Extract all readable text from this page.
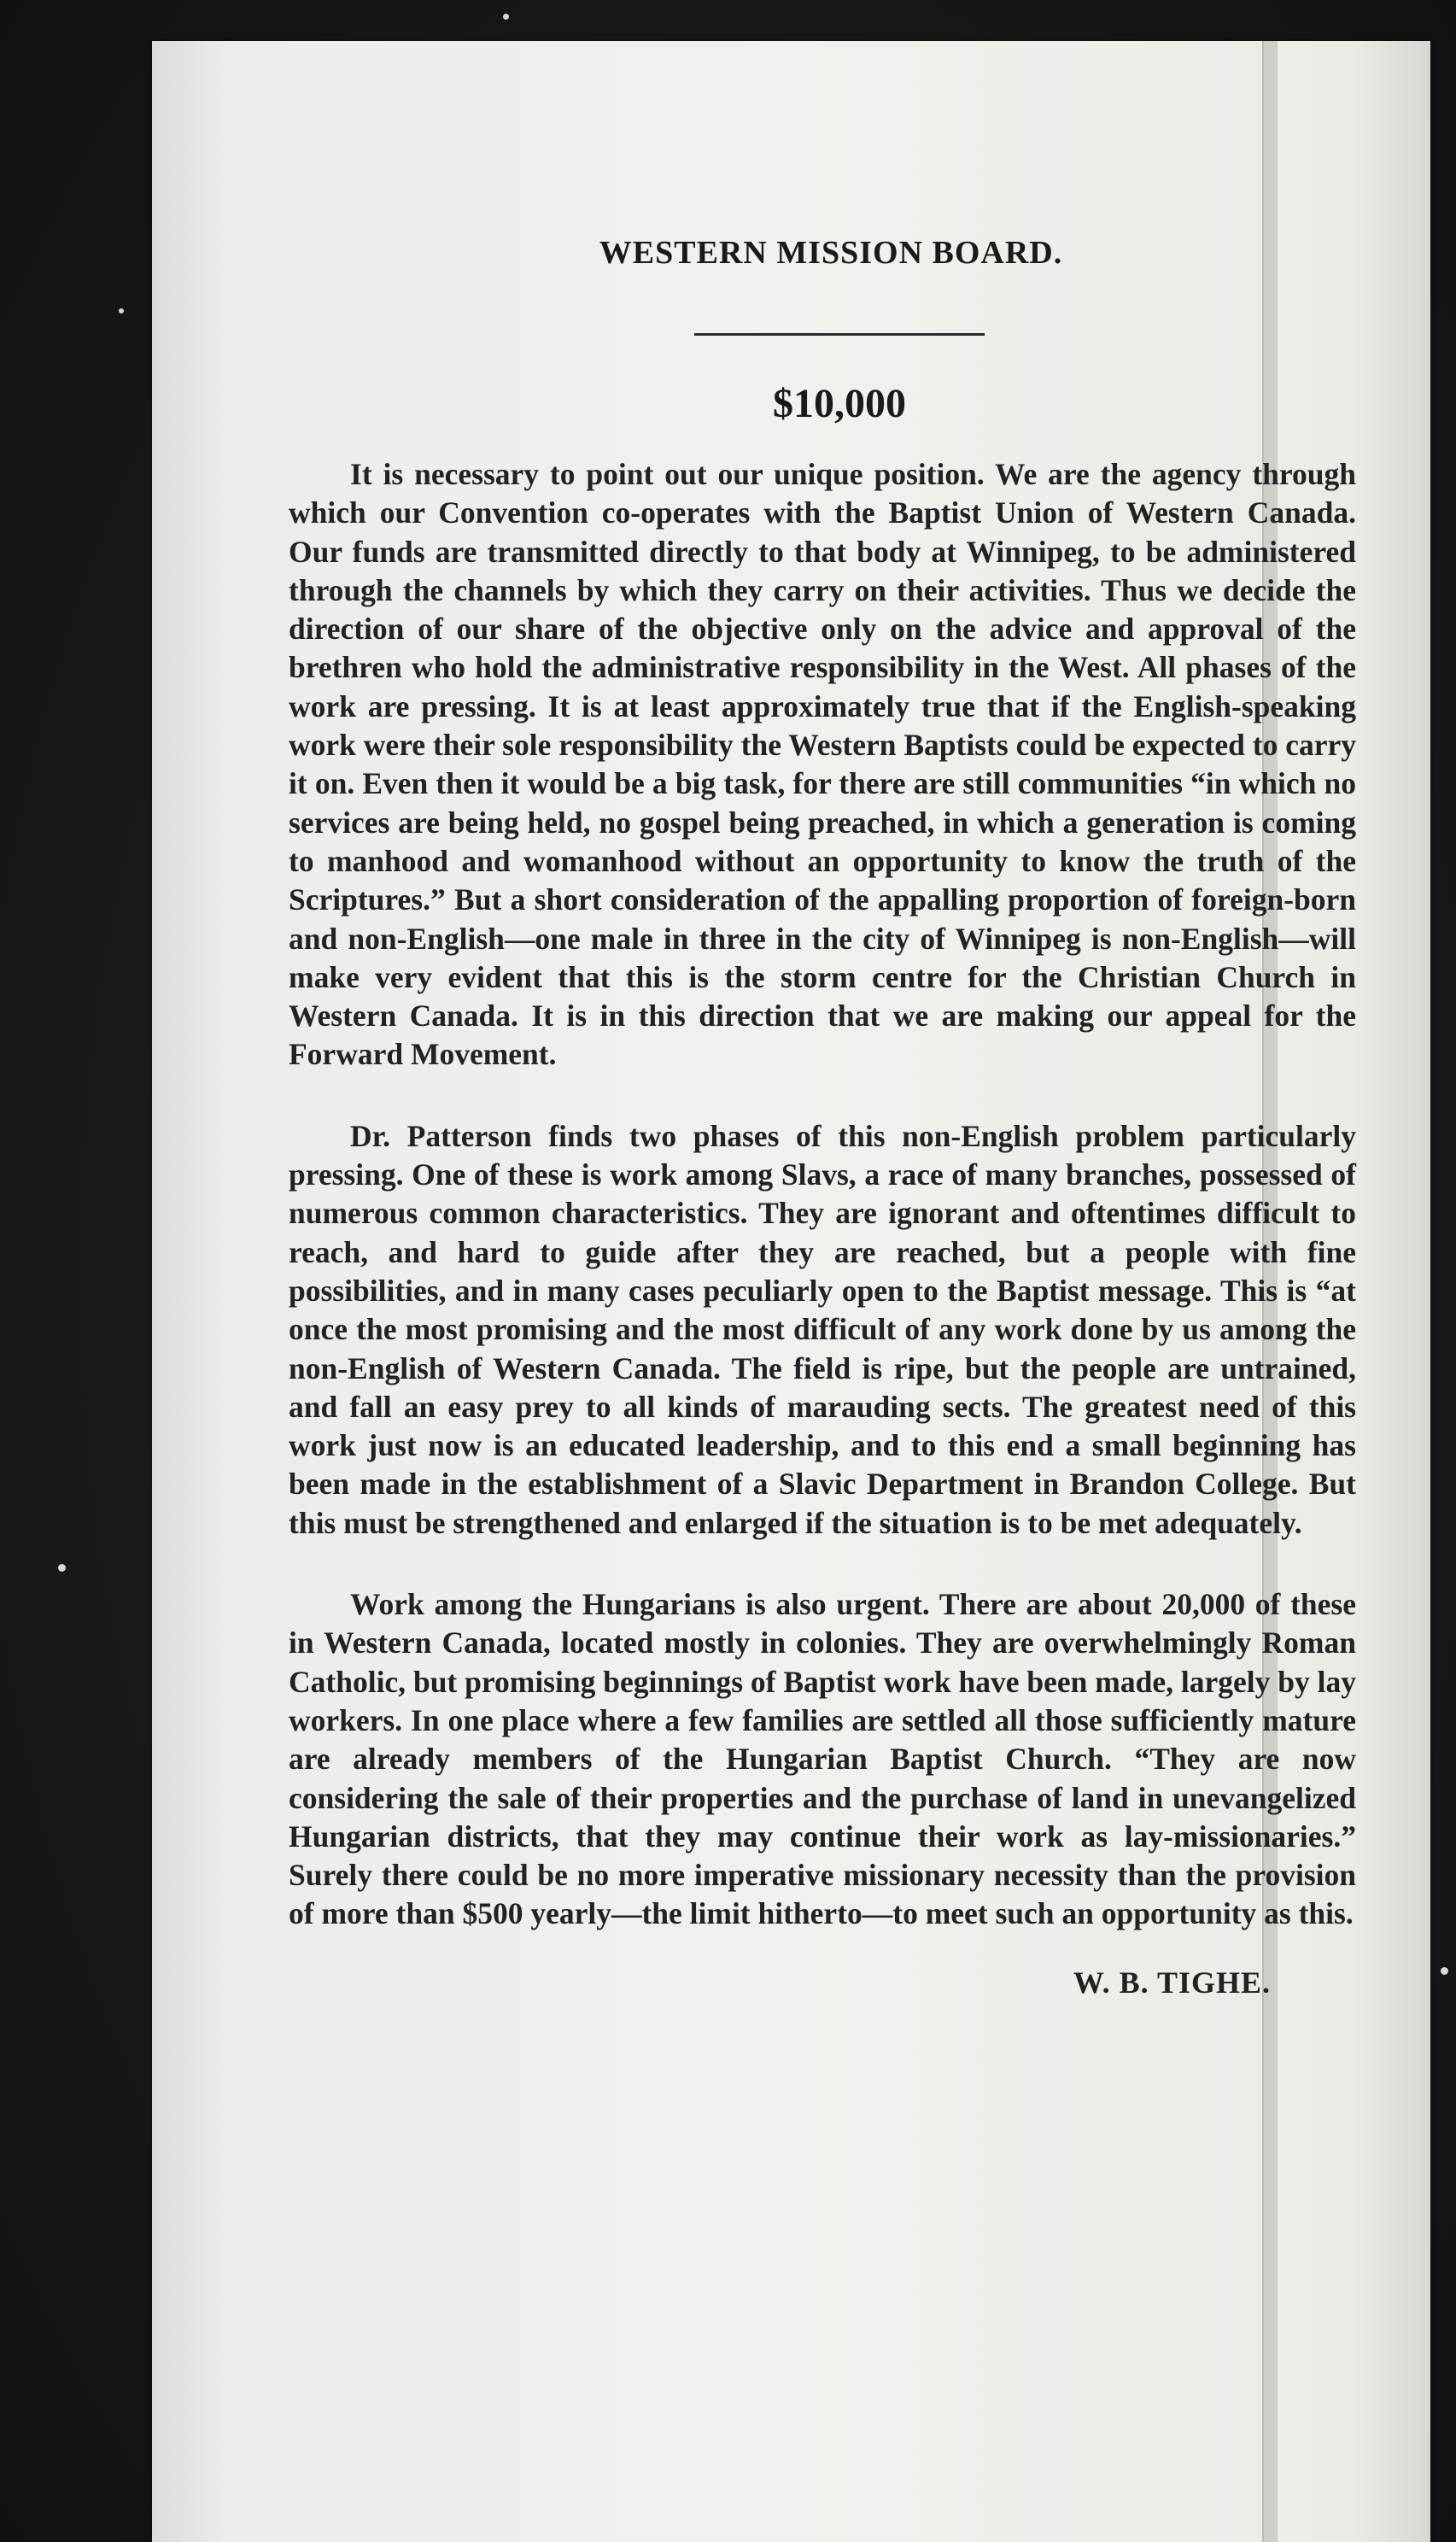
WESTERN MISSION BOARD.
$10,000

It is necessary to point out our unique position. We are the agency through which our Convention co-operates with the Baptist Union of Western Canada. Our funds are transmitted directly to that body at Winnipeg, to be administered through the channels by which they carry on their activities. Thus we decide the direction of our share of the objective only on the advice and approval of the brethren who hold the administrative responsibility in the West. All phases of the work are pressing. It is at least approximately true that if the English-speaking work were their sole responsibility the Western Baptists could be expected to carry it on. Even then it would be a big task, for there are still communities “in which no services are being held, no gospel being preached, in which a generation is coming to manhood and womanhood without an opportunity to know the truth of the Scriptures.” But a short consideration of the appalling proportion of foreign-born and non-English—one male in three in the city of Winnipeg is non-English—will make very evident that this is the storm centre for the Christian Church in Western Canada. It is in this direction that we are making our appeal for the Forward Movement.

Dr. Patterson finds two phases of this non-English problem particularly pressing. One of these is work among Slavs, a race of many branches, possessed of numerous common characteristics. They are ignorant and oftentimes difficult to reach, and hard to guide after they are reached, but a people with fine possibilities, and in many cases peculiarly open to the Baptist message. This is “at once the most promising and the most difficult of any work done by us among the non-English of Western Canada. The field is ripe, but the people are untrained, and fall an easy prey to all kinds of marauding sects. The greatest need of this work just now is an educated leadership, and to this end a small beginning has been made in the establishment of a Slavic Department in Brandon College. But this must be strengthened and enlarged if the situation is to be met adequately.

Work among the Hungarians is also urgent. There are about 20,000 of these in Western Canada, located mostly in colonies. They are overwhelmingly Roman Catholic, but promising beginnings of Baptist work have been made, largely by lay workers. In one place where a few families are settled all those sufficiently mature are already members of the Hungarian Baptist Church. “They are now considering the sale of their properties and the purchase of land in unevangelized Hungarian districts, that they may continue their work as lay-missionaries.” Surely there could be no more imperative missionary necessity than the provision of more than $500 yearly—the limit hitherto—to meet such an opportunity as this.

W. B. TIGHE.
